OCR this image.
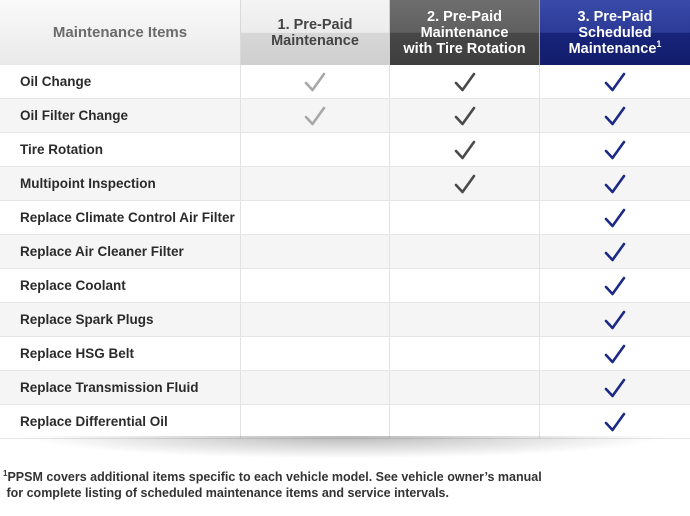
Maintenance Items	1. Pre-Paid
Maintenance
2. Pre-Paid
Maintenance
with Tire Rotation
3. Pre-Paid
Scheduled
Maintenance$^1$
Oil Change
Oil Filter Change
Tire Rotation
Multipoint Inspection
Replace Climate Control Air Filter
Replace Air Cleaner Filter
Replace Coolant
Replace Spark Plugs
Replace HSG Belt
Replace Transmission Fluid
Replace Differential Oil
$^1$PPSM covers additional items specific to each vehicle model. See vehicle owner’s manual
for complete listing of scheduled maintenance items and service intervals.
